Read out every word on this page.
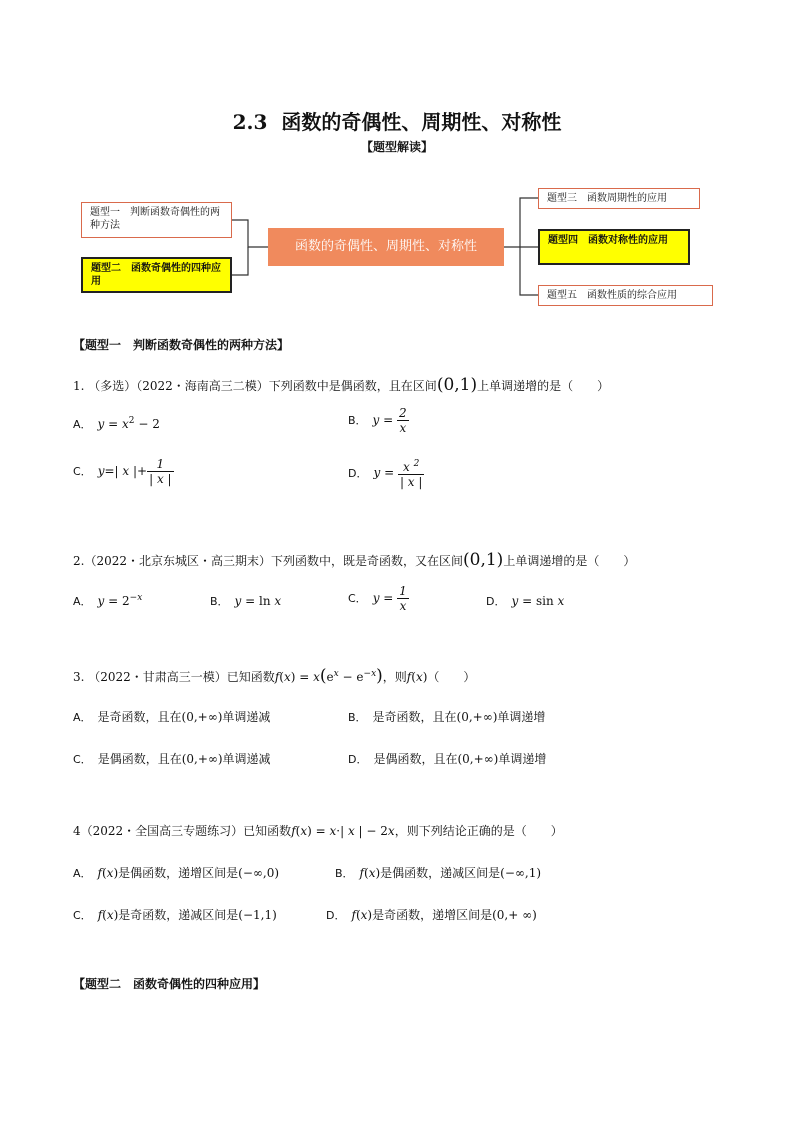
2.3 函数的奇偶性、周期性、对称性
【题型解读】
函数的奇偶性、周期性、对称性
题型一　判断函数奇偶性的两种方法
题型二　函数奇偶性的四种应用
题型三　函数周期性的应用
题型四　函数对称性的应用
题型五　函数性质的综合应用
【题型一　判断函数奇偶性的两种方法】
1. （多选）（2022・海南高三二模）下列函数中是偶函数，且在区间(0,1)上单调递增的是（　　）
A． $y = x^2 - 2$	B． $y = \frac{2}{x}$
C． y=| x |+ $\frac{1}{| x |}$	D． $y = \frac{x ^2}{| x |}$
2.（2022・北京东城区・高三期末）下列函数中，既是奇函数，又在区间(0,1)上单调递增的是（　　）
A． $y = 2^{-x}$	B． y = ln x	C． $y = \frac{1}{x}$	D． y = sin x
3. （2022・甘肃高三一模）已知函数$f(x) = x(e^x - e^{-x})$，则f(x)（　　）
A． 是奇函数，且在(0,+∞)单调递减	B． 是奇函数，且在(0,+∞)单调递增
C． 是偶函数，且在(0,+∞)单调递减	D． 是偶函数，且在(0,+∞)单调递增
4（2022・全国高三专题练习）已知函数f(x) = x·| x | − 2x，则下列结论正确的是（　　）
A． f(x)是偶函数，递增区间是(−∞,0)	B． f(x)是偶函数，递减区间是(−∞,1)
C． f(x)是奇函数，递减区间是(−1,1)	D． f(x)是奇函数，递增区间是(0,+ ∞)
【题型二　函数奇偶性的四种应用】
